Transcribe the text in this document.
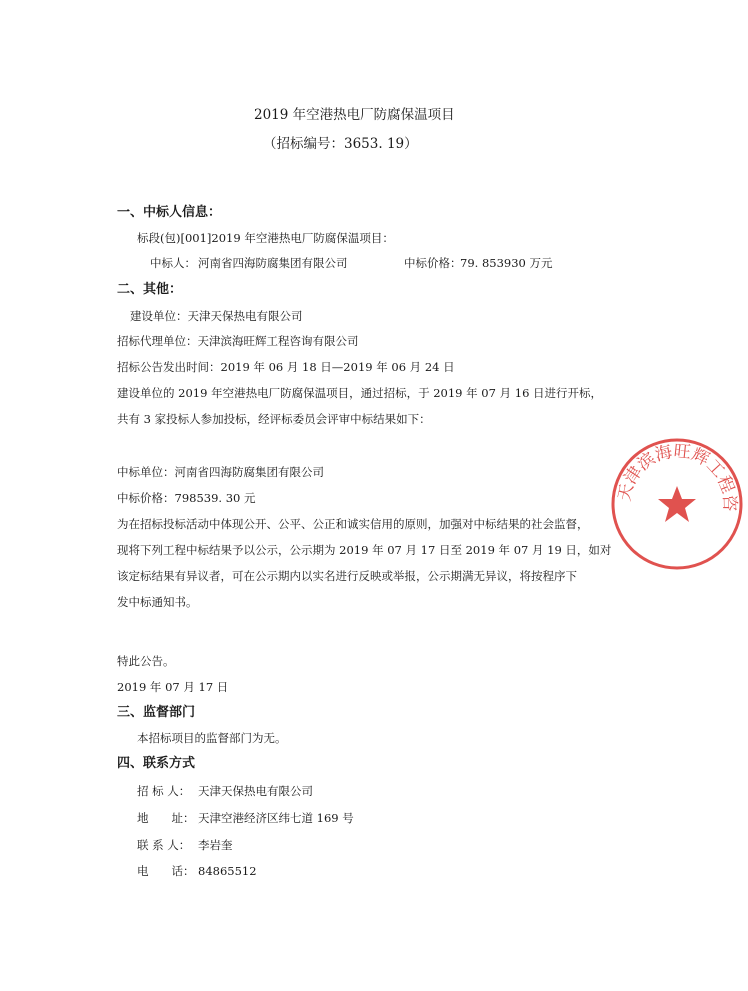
2019 年空港热电厂防腐保温项目
（招标编号：3653. 19）
一、中标人信息：
标段(包)[001]2019 年空港热电厂防腐保温项目：
中标人： 河南省四海防腐集团有限公司	中标价格：
79. 853930 万元
二、其他：
建设单位：天津天保热电有限公司
招标代理单位：天津滨海旺辉工程咨询有限公司
招标公告发出时间：2019 年 06 月 18 日—2019 年 06 月 24 日
建设单位的 2019 年空港热电厂防腐保温项目，通过招标，于 2019 年 07 月 16 日进行开标，
共有 3 家投标人参加投标，经评标委员会评审中标结果如下：
中标单位：河南省四海防腐集团有限公司
中标价格：798539. 30 元
为在招标投标活动中体现公开、公平、公正和诚实信用的原则，加强对中标结果的社会监督，
现将下列工程中标结果予以公示，公示期为 2019 年 07 月 17 日至 2019 年 07 月 19 日，如对
该定标结果有异议者，可在公示期内以实名进行反映或举报，公示期满无异议，将按程序下
发中标通知书。
特此公告。
2019 年 07 月 17 日
三、监督部门
本招标项目的监督部门为无。
四、联系方式
招 标 人： 天津天保热电有限公司
地　　址： 天津空港经济区纬七道 169 号
联 系 人： 李岩奎
电　　话： 84865512
天津滨海旺辉工程咨
